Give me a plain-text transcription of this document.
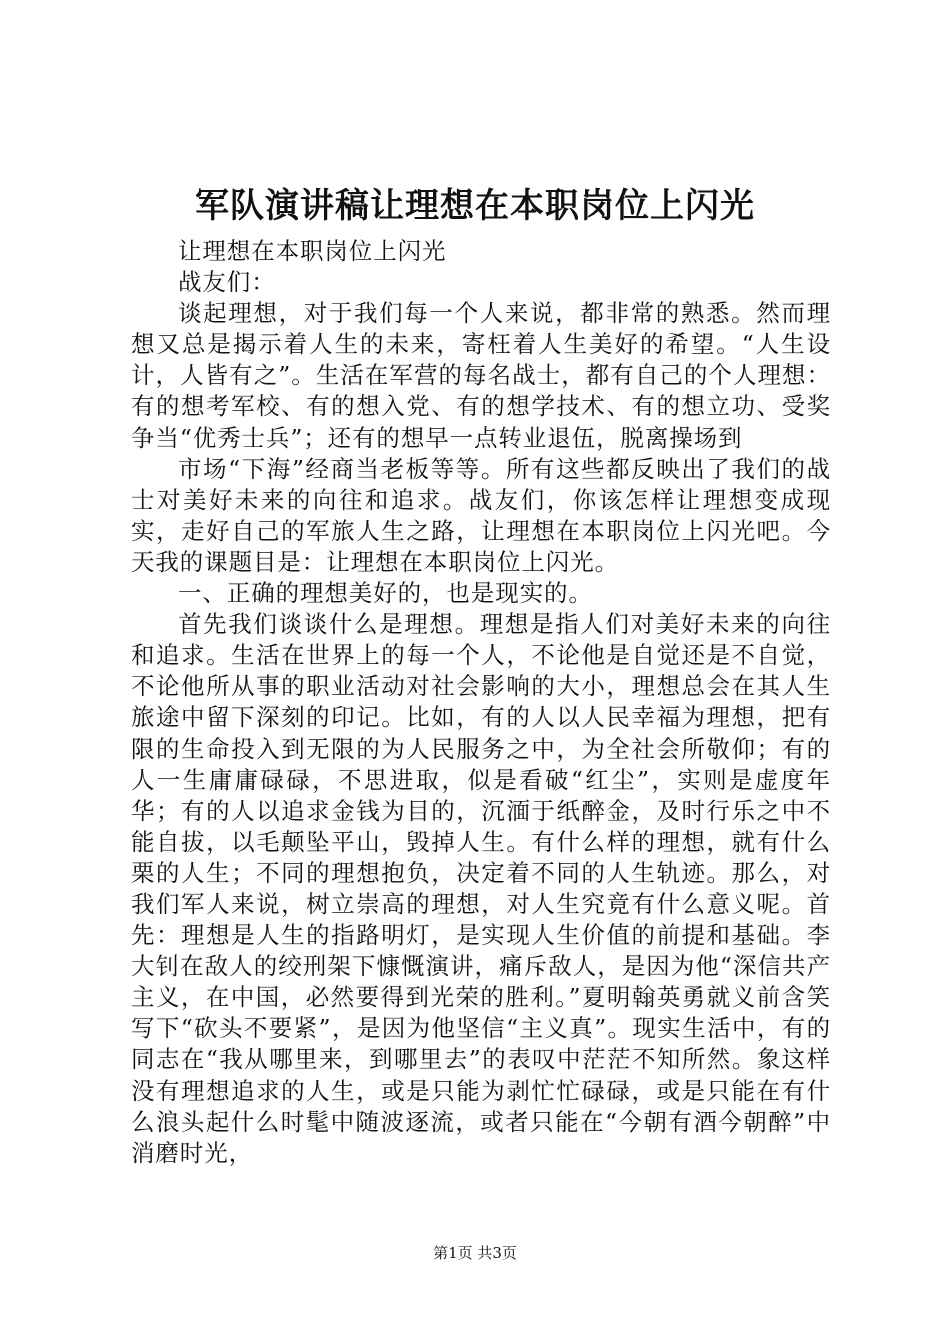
军队演讲稿让理想在本职岗位上闪光

让理想在本职岗位上闪光

战友们：

谈起理想，对于我们每一个人来说，都非常的熟悉。然而理想又总是揭示着人生的未来，寄枉着人生美好的希望。“人生设计，人皆有之”。生活在军营的每名战士，都有自己的个人理想：有的想考军校、有的想入党、有的想学技术、有的想立功、受奖争当“优秀士兵”；还有的想早一点转业退伍，脱离操场到

市场“下海”经商当老板等等。所有这些都反映出了我们的战士对美好未来的向往和追求。战友们，你该怎样让理想变成现实，走好自己的军旅人生之路，让理想在本职岗位上闪光吧。今天我的课题目是：让理想在本职岗位上闪光。

一、正确的理想美好的，也是现实的。

首先我们谈谈什么是理想。理想是指人们对美好未来的向往和追求。生活在世界上的每一个人，不论他是自觉还是不自觉，不论他所从事的职业活动对社会影响的大小，理想总会在其人生旅途中留下深刻的印记。比如，有的人以人民幸福为理想，把有限的生命投入到无限的为人民服务之中，为全社会所敬仰；有的人一生庸庸碌碌，不思进取，似是看破“红尘”，实则是虚度年华；有的人以追求金钱为目的，沉湎于纸醉金，及时行乐之中不能自拔，以毛颠坠平山，毁掉人生。有什么样的理想，就有什么栗的人生；不同的理想抱负，决定着不同的人生轨迹。那么，对我们军人来说，树立崇高的理想，对人生究竟有什么意义呢。首先：理想是人生的指路明灯，是实现人生价值的前提和基础。李大钊在敌人的绞刑架下慷慨演讲，痛斥敌人，是因为他“深信共产主义，在中国，必然要得到光荣的胜利。”夏明翰英勇就义前含笑写下“砍头不要紧”，是因为他坚信“主义真”。现实生活中，有的同志在“我从哪里来，到哪里去”的表叹中茫茫不知所然。象这样没有理想追求的人生，或是只能为剥忙忙碌碌，或是只能在有什么浪头起什么时髦中随波逐流，或者只能在“今朝有酒今朝醉”中消磨时光，

第1页 共3页
